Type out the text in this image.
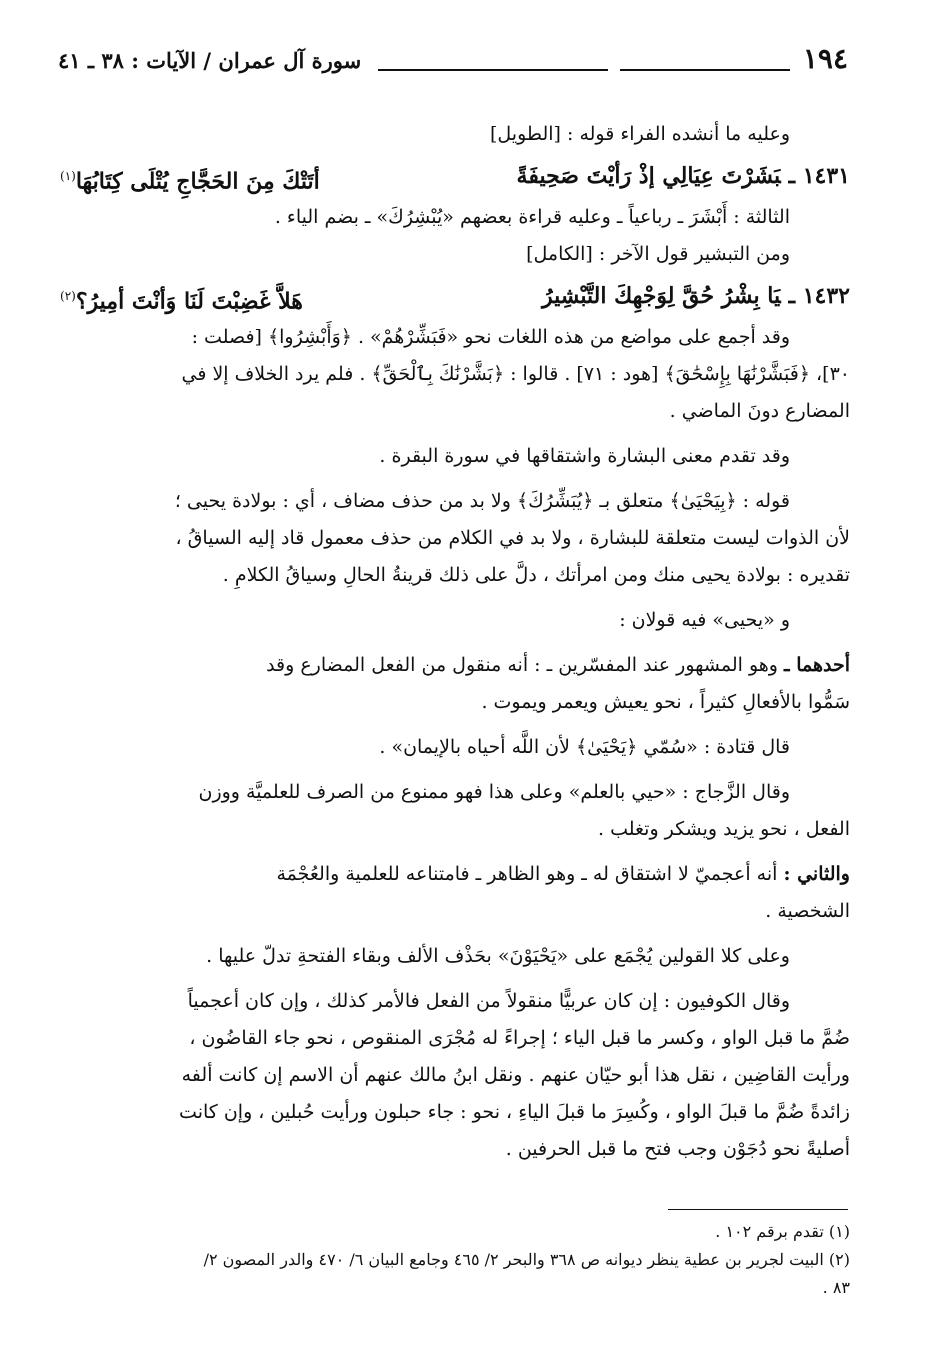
١٩٤
سورة آل عمران / الآيات : ٣٨ ـ ٤١
وعليه ما أنشده الفراء قوله : [الطويل]
١٤٣١ ـبَشَرْتَ عِيَالِي إذْ رَأيْتَ صَحِيفَةً
أتَتْكَ مِنَ الحَجَّاجِ يُتْلَى كِتَابُهَا$^{(١)}$
الثالثة : أَبْشَرَ ـ رباعياً ـ وعليه قراءة بعضهم «يُبْشِرُكَ» ـ بضم الياء .
ومن التبشير قول الآخر : [الكامل]
١٤٣٢ ـيَا بِشْرُ حُقَّ لِوَجْهِكَ التَّبْشِيرُ
هَلاَّ غَضِبْتَ لَنَا وَأنْتَ أمِيرُ؟$^{(٢)}$
وقد أجمع على مواضع من هذه اللغات نحو «فَبَشِّرْهُمْ» . ﴿وَأَبْشِرُوا﴾ [فصلت :
٣٠]، ﴿فَبَشَّرْنَٰهَا بِإِسْحَٰقَ﴾ [هود : ٧١] . قالوا : ﴿بَشَّرْنَٰكَ بِٱلْحَقِّ﴾ . فلم يرد الخلاف إلا في
المضارع دونَ الماضي .
وقد تقدم معنى البشارة واشتقاقها في سورة البقرة .
قوله : ﴿بِيَحْيَىٰ﴾ متعلق بـ ﴿يُبَشِّرُكَ﴾ ولا بد من حذف مضاف ، أي : بولادة يحيى ؛
لأن الذوات ليست متعلقة للبشارة ، ولا بد في الكلام من حذف معمول قاد إليه السياقُ ،
تقديره : بولادة يحيى منك ومن امرأتك ، دلَّ على ذلك قرينةُ الحالِ وسياقُ الكلامِ .
و «يحيى» فيه قولان :
أحدهما ـ وهو المشهور عند المفسّرين ـ : أنه منقول من الفعل المضارع وقد
سَمُّوا بالأفعالِ كثيراً ، نحو يعيش ويعمر ويموت .
قال قتادة : «سُمّي ﴿يَحْيَىٰ﴾ لأن اللَّه أحياه بالإيمان» .
وقال الزَّجاج : «حيي بالعلم» وعلى هذا فهو ممنوع من الصرف للعلميَّة ووزن
الفعل ، نحو يزيد ويشكر وتغلب .
والثاني : أنه أعجميّ لا اشتقاق له ـ وهو الظاهر ـ فامتناعه للعلمية والعُجْمَة
الشخصية .
وعلى كلا القولين يُجْمَع على «يَحْيَوْنَ» بحَذْف الألف وبقاء الفتحةِ تدلّ عليها .
وقال الكوفيون : إن كان عربيًّا منقولاً من الفعل فالأمر كذلك ، وإن كان أعجمياً
ضُمَّ ما قبل الواو ، وكسر ما قبل الياء ؛ إجراءً له مُجْرَى المنقوص ، نحو جاء القاضُون ،
ورأيت القاضِين ، نقل هذا أبو حيّان عنهم . ونقل ابنُ مالك عنهم أن الاسم إن كانت ألفه
زائدةً ضُمَّ ما قبلَ الواو ، وكُسِرَ ما قبلَ الياءِ ، نحو : جاء حبلون ورأيت حُبلين ، وإن كانت
أصليةً نحو دُجَوْن وجب فتح ما قبل الحرفين .
(١) تقدم برقم ١٠٢ .
(٢) البيت لجرير بن عطية ينظر ديوانه ص ٣٦٨ والبحر ٢/ ٤٦٥ وجامع البيان ٦/ ٤٧٠ والدر المصون ٢/
٨٣ .
